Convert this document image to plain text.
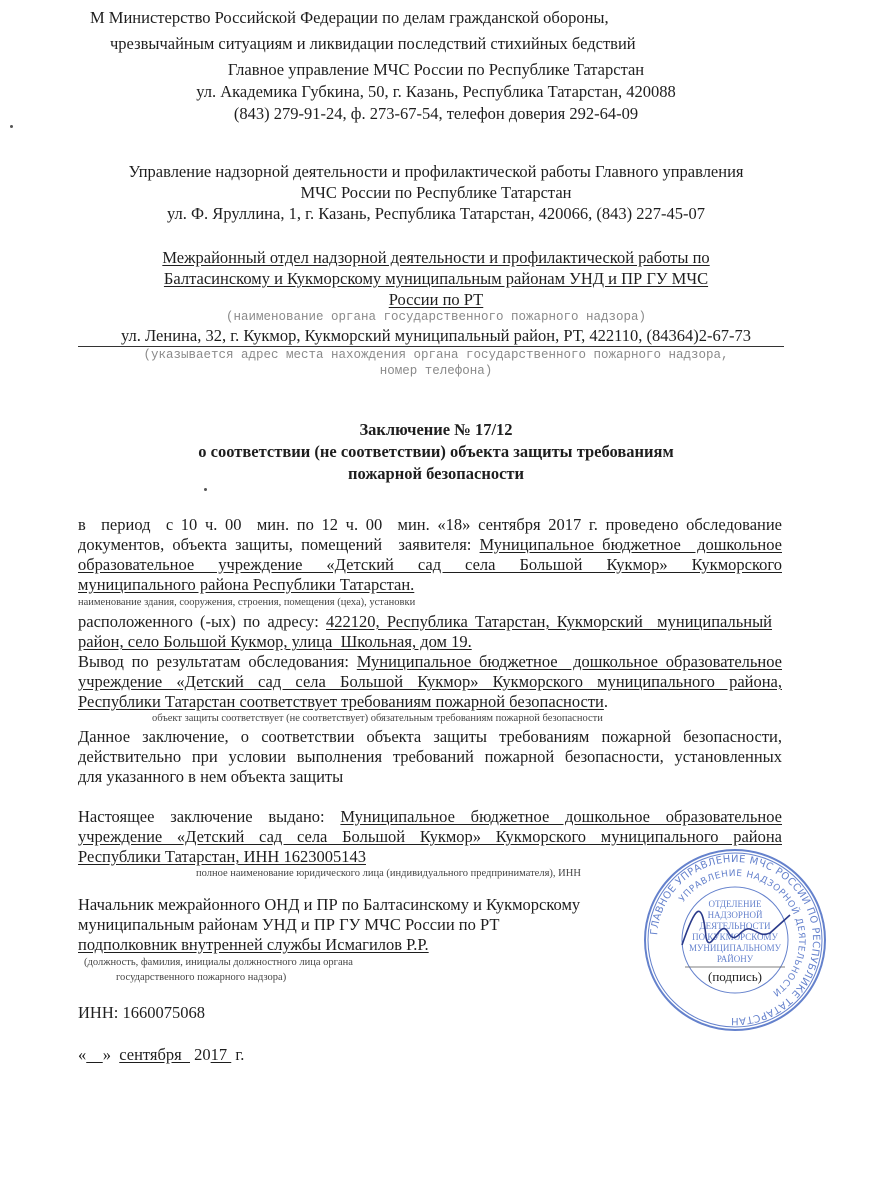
М Министерство Российской Федерации по делам гражданской обороны,
чрезвычайным ситуациям и ликвидации последствий стихийных бедствий
Главное управление МЧС России по Республике Татарстан
ул. Академика Губкина, 50, г. Казань, Республика Татарстан, 420088
(843) 279-91-24, ф. 273-67-54, телефон доверия 292-64-09
Управление надзорной деятельности и профилактической работы Главного управления
МЧС России по Республике Татарстан
ул. Ф. Яруллина, 1, г. Казань, Республика Татарстан, 420066, (843) 227-45-07
Межрайонный отдел надзорной деятельности и профилактической работы по
Балтасинскому и Кукморскому муниципальным районам УНД и ПР ГУ МЧС
России по РТ
(наименование органа государственного пожарного надзора)
ул. Ленина, 32, г. Кукмор, Кукморский муниципальный район, РТ, 422110, (84364)2-67-73
(указывается адрес места нахождения органа государственного пожарного надзора,
номер телефона)
Заключение № 17/12
о соответствии (не соответствии) объекта защиты требованиям
пожарной безопасности
в  период  с 10 ч. 00  мин. по 12 ч. 00  мин. «18» сентября 2017 г. проведено обследование
документов, объекта защиты, помещений  заявителя: Муниципальное бюджетное  дошкольное
образовательное   учреждение   «Детский   сад   села   Большой   Кукмор»   Кукморского
муниципального района Республики Татарстан.
наименование здания, сооружения, строения, помещения (цеха), установки
расположенного (-ых) по адресу: 422120, Республика Татарстан, Кукморский  муниципальный
район, село Большой Кукмор, улица  Школьная, дом 19.
Вывод по результатам обследования: Муниципальное бюджетное  дошкольное образовательное
учреждение  «Детский  сад  села  Большой  Кукмор»  Кукморского  муниципального  района,
Республики Татарстан соответствует требованиям пожарной безопасности.
объект защиты соответствует (не соответствует) обязательным требованиям пожарной безопасности
Данное  заключение,  о  соответствии  объекта  защиты  требованиям  пожарной  безопасности,
действительно  при  условии  выполнения  требований  пожарной  безопасности,  установленных
для указанного в нем объекта защиты
Настоящее  заключение  выдано:  Муниципальное  бюджетное  дошкольное  образовательное
учреждение  «Детский  сад  села  Большой  Кукмор»  Кукморского  муниципального  района
Республики Татарстан, ИНН 1623005143
полное наименование юридического лица (индивидуального предпринимателя), ИНН
Начальник межрайонного ОНД и ПР по Балтасинскому и Кукморскому
муниципальным районам УНД и ПР ГУ МЧС России по РТ
подполковник внутренней службы Исмагилов Р.Р.
(должность, фамилия, инициалы должностного лица органа
государственного пожарного надзора)
ИНН: 1660075068
« »  сентября   2017  г.
ГЛАВНОЕ УПРАВЛЕНИЕ МЧС РОССИИ ПО РЕСПУБЛИКЕ ТАТАРСТАН
УПРАВЛЕНИЕ НАДЗОРНОЙ ДЕЯТЕЛЬНОСТИ
ОТДЕЛЕНИЕ
НАДЗОРНОЙ
ДЕЯТЕЛЬНОСТИ
ПО КУКМОРСКОМУ
МУНИЦИПАЛЬНОМУ
РАЙОНУ
(подпись)
